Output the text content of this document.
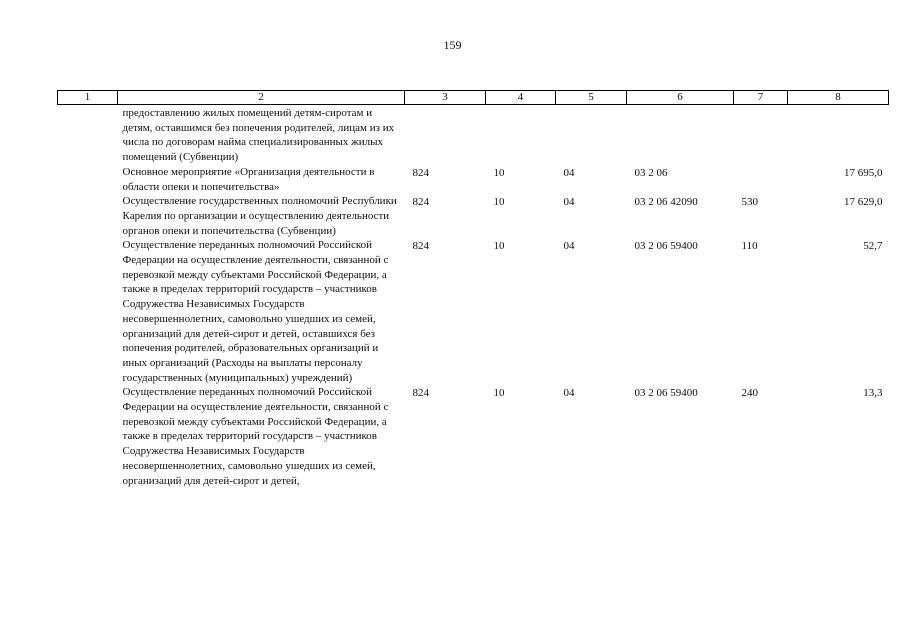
159
1	2	3	4	5	6	7	8
	предоставлению жилых помещений детям-сиротам и детям, оставшимся без попечения родителей, лицам из их числа по договорам найма специализированных жилых помещений (Субвенции)						
	Основное мероприятие «Организация деятельности в области опеки и попечительства»	824	10	04	03 2 06		17 695,0
	Осуществление государственных полномочий Республики Карелия по организации и осуществлению деятельности органов опеки и попечительства (Субвенции)	824	10	04	03 2 06 42090	530	17 629,0
	Осуществление переданных полномочий Российской Федерации на осуществление деятельности, связанной с перевозкой между субъектами Российской Федерации, а также в пределах территорий государств – участников Содружества Независимых Государств несовершеннолетних, самовольно ушедших из семей, организаций для детей-сирот и детей, оставшихся без попечения родителей, образовательных организаций и иных организаций (Расходы на выплаты персоналу государственных (муниципальных) учреждений)	824	10	04	03 2 06 59400	110	52,7
	Осуществление переданных полномочий Российской Федерации на осуществление деятельности, связанной с перевозкой между субъектами Российской Федерации, а также в пределах территорий государств – участников Содружества Независимых Государств несовершеннолетних, самовольно ушедших из семей, организаций для детей-сирот и детей,	824	10	04	03 2 06 59400	240	13,3
